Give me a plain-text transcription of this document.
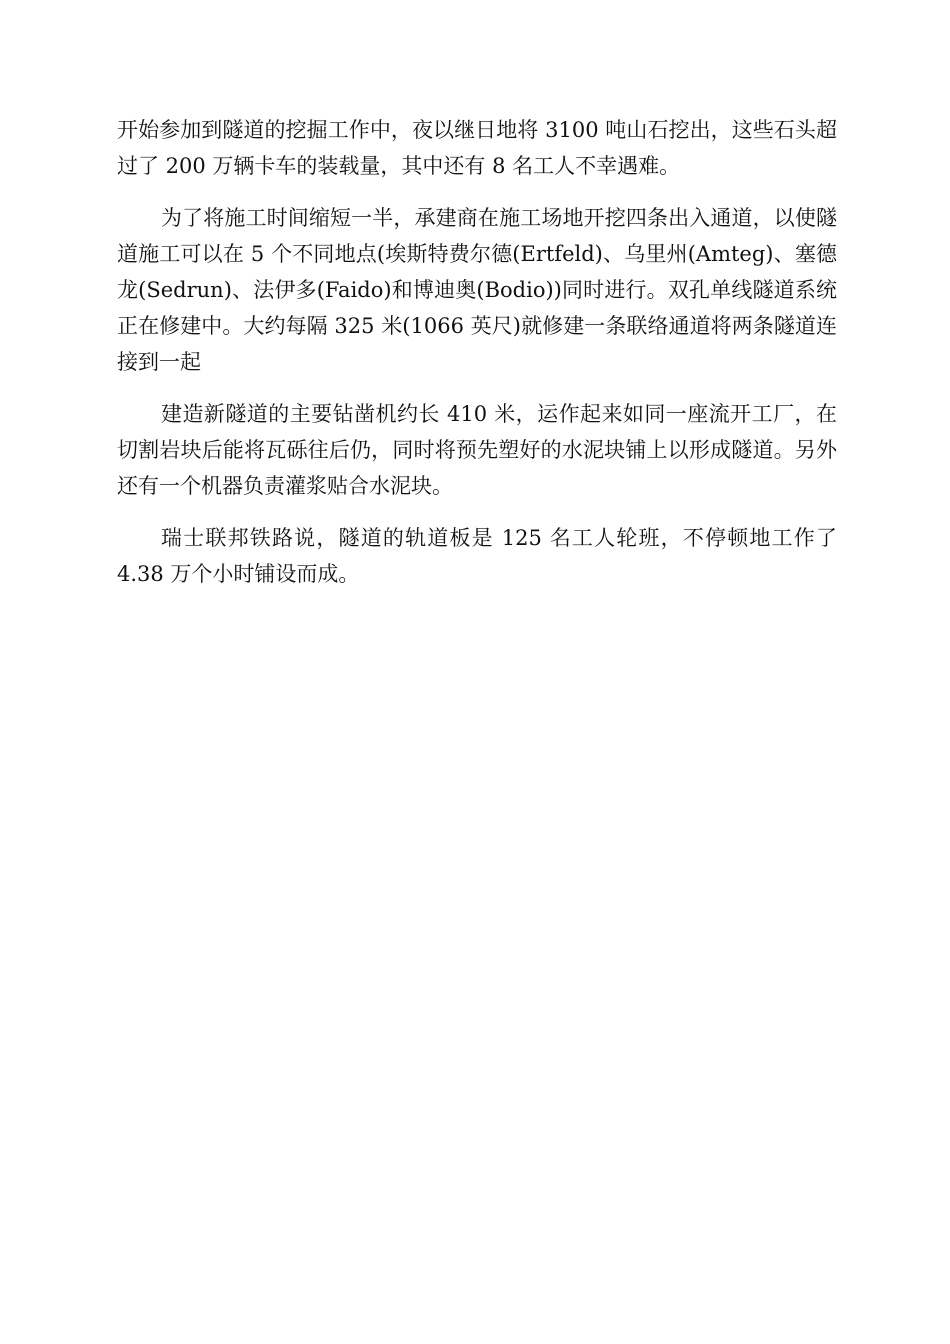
开始参加到隧道的挖掘工作中，夜以继日地将 3100 吨山石挖出，这些石头超过了 200 万辆卡车的装载量，其中还有 8 名工人不幸遇难。

为了将施工时间缩短一半，承建商在施工场地开挖四条出入通道，以使隧道施工可以在 5 个不同地点(埃斯特费尔德(Ertfeld)、乌里州(Amteg)、塞德龙(Sedrun)、法伊多(Faido)和博迪奥(Bodio))同时进行。双孔单线隧道系统正在修建中。大约每隔 325 米(1066 英尺)就修建一条联络通道将两条隧道连接到一起

建造新隧道的主要钻凿机约长 410 米，运作起来如同一座流开工厂，在切割岩块后能将瓦砾往后仍，同时将预先塑好的水泥块铺上以形成隧道。另外还有一个机器负责灌浆贴合水泥块。

瑞士联邦铁路说，隧道的轨道板是 125 名工人轮班，不停顿地工作了 4.38 万个小时铺设而成。
